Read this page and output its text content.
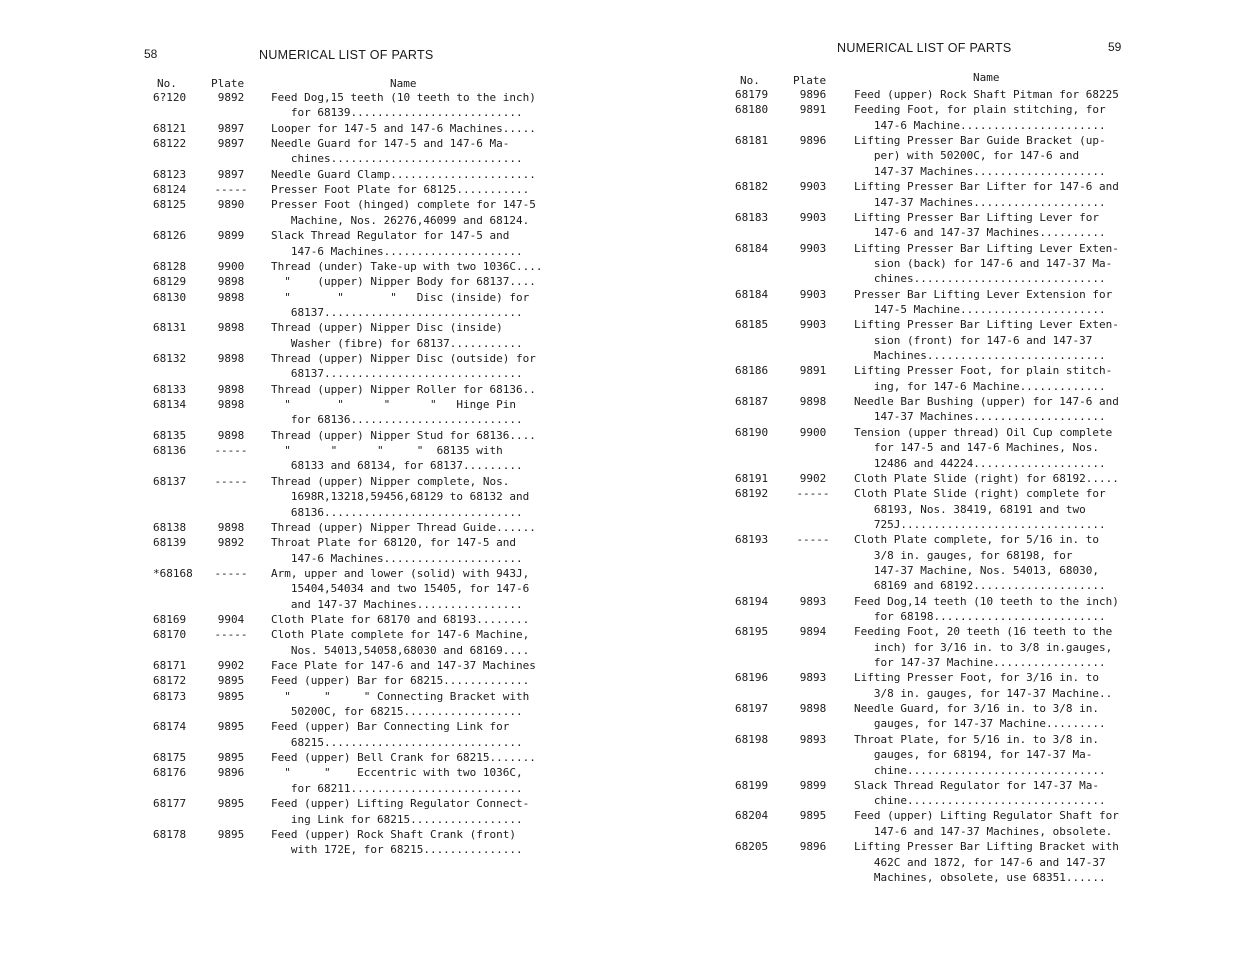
58	NUMERICAL LIST OF PARTS
No.	Plate	Name
6?120	9892	Feed Dog,15 teeth (10 teeth to the inch)
for 68139..........................
68121	9897	Looper for 147-5 and 147-6 Machines.....
68122	9897	Needle Guard for 147-5 and 147-6 Ma-
chines.............................
68123	9897	Needle Guard Clamp......................
68124	-----	Presser Foot Plate for 68125...........
68125	9890	Presser Foot (hinged) complete for 147-5
Machine, Nos. 26276,46099 and 68124.
68126	9899	Slack Thread Regulator for 147-5 and
147-6 Machines.....................
68128	9900	Thread (under) Take-up with two 1036C....
68129	9898	"    (upper) Nipper Body for 68137....
68130	9898	"       "       "   Disc (inside) for
68137..............................
68131	9898	Thread (upper) Nipper Disc (inside)
Washer (fibre) for 68137...........
68132	9898	Thread (upper) Nipper Disc (outside) for
68137..............................
68133	9898	Thread (upper) Nipper Roller for 68136..
68134	9898	"       "      "      "   Hinge Pin
for 68136..........................
68135	9898	Thread (upper) Nipper Stud for 68136....
68136	-----	"      "      "     "  68135 with
68133 and 68134, for 68137.........
68137	-----	Thread (upper) Nipper complete, Nos.
1698R,13218,59456,68129 to 68132 and
68136..............................
68138	9898	Thread (upper) Nipper Thread Guide......
68139	9892	Throat Plate for 68120, for 147-5 and
147-6 Machines.....................
*68168	-----	Arm, upper and lower (solid) with 943J,
15404,54034 and two 15405, for 147-6
and 147-37 Machines................
68169	9904	Cloth Plate for 68170 and 68193........
68170	-----	Cloth Plate complete for 147-6 Machine,
Nos. 54013,54058,68030 and 68169....
68171	9902	Face Plate for 147-6 and 147-37 Machines
68172	9895	Feed (upper) Bar for 68215.............
68173	9895	"     "     " Connecting Bracket with
50200C, for 68215..................
68174	9895	Feed (upper) Bar Connecting Link for
68215..............................
68175	9895	Feed (upper) Bell Crank for 68215.......
68176	9896	"     "    Eccentric with two 1036C,
for 68211..........................
68177	9895	Feed (upper) Lifting Regulator Connect-
ing Link for 68215.................
68178	9895	Feed (upper) Rock Shaft Crank (front)
with 172E, for 68215...............
NUMERICAL LIST OF PARTS	59
No.	Plate	Name
68179	9896	Feed (upper) Rock Shaft Pitman for 68225
68180	9891	Feeding Foot, for plain stitching, for
147-6 Machine......................
68181	9896	Lifting Presser Bar Guide Bracket (up-
per) with 50200C, for 147-6 and
147-37 Machines....................
68182	9903	Lifting Presser Bar Lifter for 147-6 and
147-37 Machines....................
68183	9903	Lifting Presser Bar Lifting Lever for
147-6 and 147-37 Machines..........
68184	9903	Lifting Presser Bar Lifting Lever Exten-
sion (back) for 147-6 and 147-37 Ma-
chines.............................
68184	9903	Presser Bar Lifting Lever Extension for
147-5 Machine......................
68185	9903	Lifting Presser Bar Lifting Lever Exten-
sion (front) for 147-6 and 147-37
Machines...........................
68186	9891	Lifting Presser Foot, for plain stitch-
ing, for 147-6 Machine.............
68187	9898	Needle Bar Bushing (upper) for 147-6 and
147-37 Machines....................
68190	9900	Tension (upper thread) Oil Cup complete
for 147-5 and 147-6 Machines, Nos.
12486 and 44224....................
68191	9902	Cloth Plate Slide (right) for 68192.....
68192	-----	Cloth Plate Slide (right) complete for
68193, Nos. 38419, 68191 and two
725J...............................
68193	-----	Cloth Plate complete, for 5/16 in. to
3/8 in. gauges, for 68198, for
147-37 Machine, Nos. 54013, 68030,
68169 and 68192....................
68194	9893	Feed Dog,14 teeth (10 teeth to the inch)
for 68198..........................
68195	9894	Feeding Foot, 20 teeth (16 teeth to the
inch) for 3/16 in. to 3/8 in.gauges,
for 147-37 Machine.................
68196	9893	Lifting Presser Foot, for 3/16 in. to
3/8 in. gauges, for 147-37 Machine..
68197	9898	Needle Guard, for 3/16 in. to 3/8 in.
gauges, for 147-37 Machine.........
68198	9893	Throat Plate, for 5/16 in. to 3/8 in.
gauges, for 68194, for 147-37 Ma-
chine..............................
68199	9899	Slack Thread Regulator for 147-37 Ma-
chine..............................
68204	9895	Feed (upper) Lifting Regulator Shaft for
147-6 and 147-37 Machines, obsolete.
68205	9896	Lifting Presser Bar Lifting Bracket with
462C and 1872, for 147-6 and 147-37
Machines, obsolete, use 68351......
